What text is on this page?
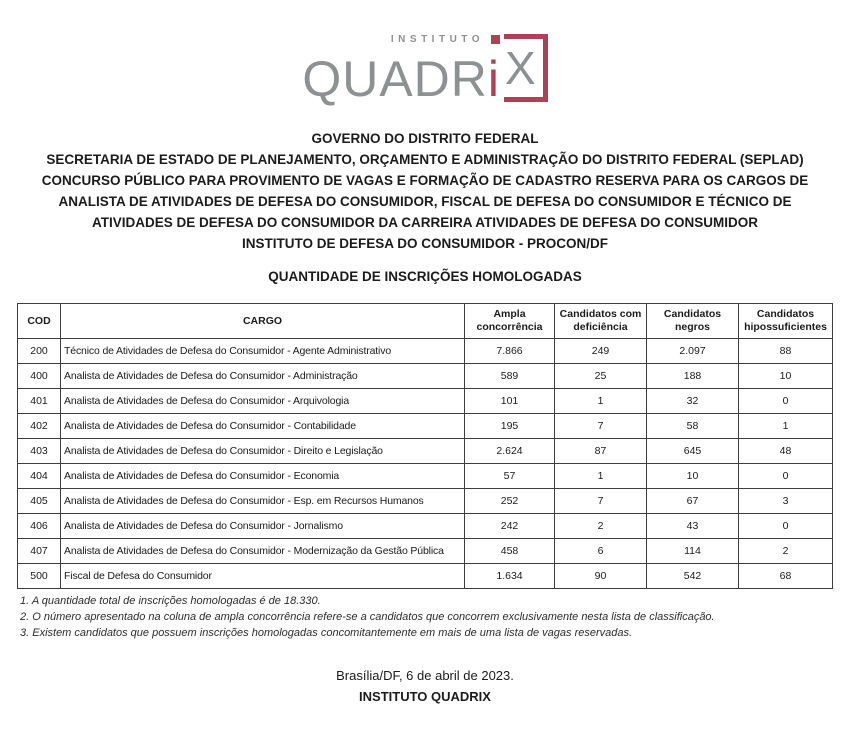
INSTITUTO
QUADRi X
GOVERNO DO DISTRITO FEDERAL
SECRETARIA DE ESTADO DE PLANEJAMENTO, ORÇAMENTO E ADMINISTRAÇÃO DO DISTRITO FEDERAL (SEPLAD)
CONCURSO PÚBLICO PARA PROVIMENTO DE VAGAS E FORMAÇÃO DE CADASTRO RESERVA PARA OS CARGOS DE
ANALISTA DE ATIVIDADES DE DEFESA DO CONSUMIDOR, FISCAL DE DEFESA DO CONSUMIDOR E TÉCNICO DE
ATIVIDADES DE DEFESA DO CONSUMIDOR DA CARREIRA ATIVIDADES DE DEFESA DO CONSUMIDOR
INSTITUTO DE DEFESA DO CONSUMIDOR - PROCON/DF
QUANTIDADE DE INSCRIÇÕES HOMOLOGADAS
COD	CARGO	Ampla concorrência	Candidatos com deficiência	Candidatos negros	Candidatos hipossuficientes
200	Técnico de Atividades de Defesa do Consumidor - Agente Administrativo	7.866	249	2.097	88
400	Analista de Atividades de Defesa do Consumidor - Administração	589	25	188	10
401	Analista de Atividades de Defesa do Consumidor - Arquivologia	101	1	32	0
402	Analista de Atividades de Defesa do Consumidor - Contabilidade	195	7	58	1
403	Analista de Atividades de Defesa do Consumidor - Direito e Legislação	2.624	87	645	48
404	Analista de Atividades de Defesa do Consumidor - Economia	57	1	10	0
405	Analista de Atividades de Defesa do Consumidor - Esp. em Recursos Humanos	252	7	67	3
406	Analista de Atividades de Defesa do Consumidor - Jornalismo	242	2	43	0
407	Analista de Atividades de Defesa do Consumidor - Modernização da Gestão Pública	458	6	114	2
500	Fiscal de Defesa do Consumidor	1.634	90	542	68
1. A quantidade total de inscrições homologadas é de 18.330.
2. O número apresentado na coluna de ampla concorrência refere-se a candidatos que concorrem exclusivamente nesta lista de classificação.
3. Existem candidatos que possuem inscrições homologadas concomitantemente em mais de uma lista de vagas reservadas.
Brasília/DF, 6 de abril de 2023.
INSTITUTO QUADRIX
